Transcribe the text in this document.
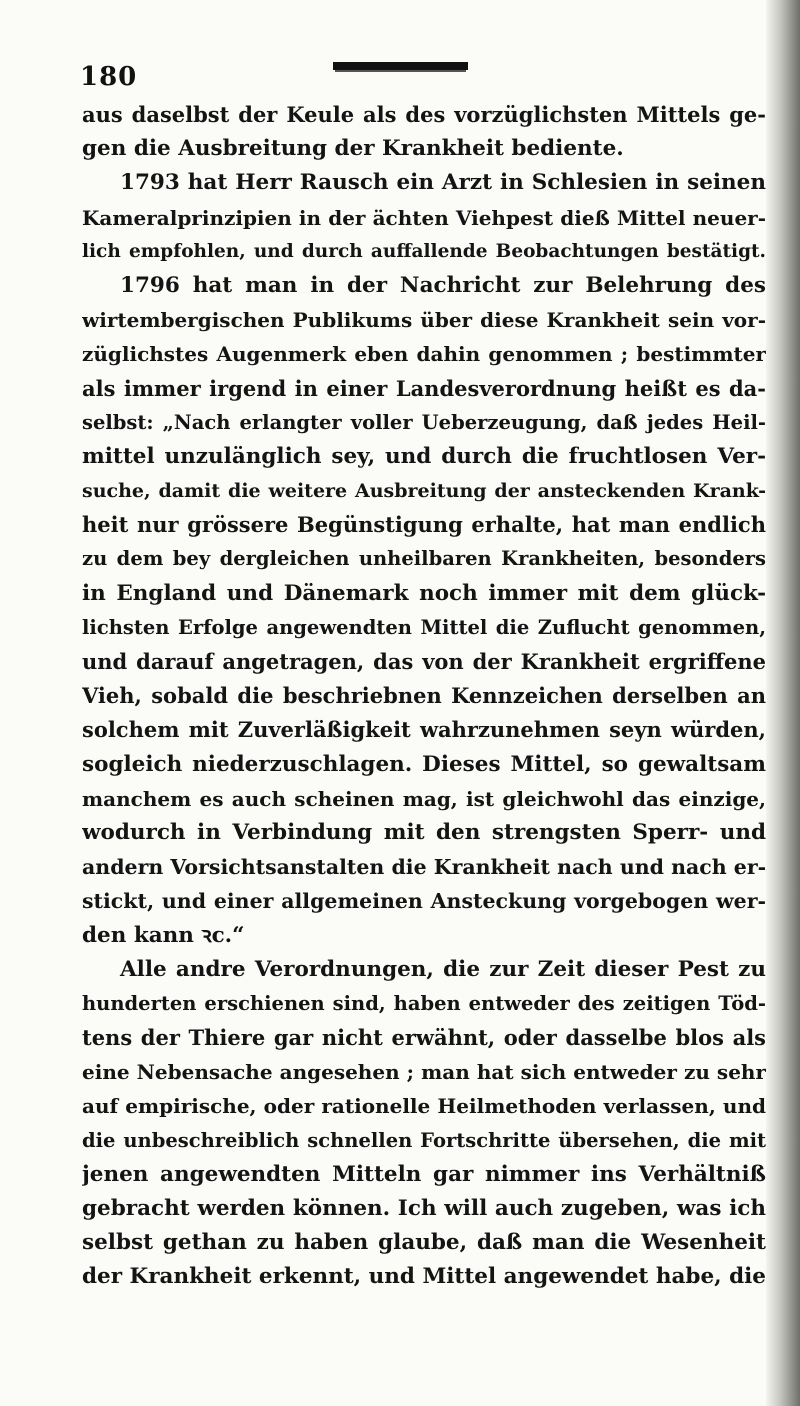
180
aus daselbst der Keule als des vorzüglichsten Mittels ge-
gen die Ausbreitung der Krankheit bediente.
1793 hat Herr Rausch ein Arzt in Schlesien in seinen
Kameralprinzipien in der ächten Viehpest dieß Mittel neuer-
lich empfohlen, und durch auffallende Beobachtungen bestätigt.
1796 hat man in der Nachricht zur Belehrung des
wirtembergischen Publikums über diese Krankheit sein vor-
züglichstes Augenmerk eben dahin genommen ; bestimmter
als immer irgend in einer Landesverordnung heißt es da-
selbst: „Nach erlangter voller Ueberzeugung, daß jedes Heil-
mittel unzulänglich sey, und durch die fruchtlosen Ver-
suche, damit die weitere Ausbreitung der ansteckenden Krank-
heit nur grössere Begünstigung erhalte, hat man endlich
zu dem bey dergleichen unheilbaren Krankheiten, besonders
in England und Dänemark noch immer mit dem glück-
lichsten Erfolge angewendten Mittel die Zuflucht genommen,
und darauf angetragen, das von der Krankheit ergriffene
Vieh, sobald die beschriebnen Kennzeichen derselben an
solchem mit Zuverläßigkeit wahrzunehmen seyn würden,
sogleich niederzuschlagen. Dieses Mittel, so gewaltsam
manchem es auch scheinen mag, ist gleichwohl das einzige,
wodurch in Verbindung mit den strengsten Sperr- und
andern Vorsichtsanstalten die Krankheit nach und nach er-
stickt, und einer allgemeinen Ansteckung vorgebogen wer-
den kann ꝛc.“
Alle andre Verordnungen, die zur Zeit dieser Pest zu
hunderten erschienen sind, haben entweder des zeitigen Töd-
tens der Thiere gar nicht erwähnt, oder dasselbe blos als
eine Nebensache angesehen ; man hat sich entweder zu sehr
auf empirische, oder rationelle Heilmethoden verlassen, und
die unbeschreiblich schnellen Fortschritte übersehen, die mit
jenen angewendten Mitteln gar nimmer ins Verhältniß
gebracht werden können. Ich will auch zugeben, was ich
selbst gethan zu haben glaube, daß man die Wesenheit
der Krankheit erkennt, und Mittel angewendet habe, die
